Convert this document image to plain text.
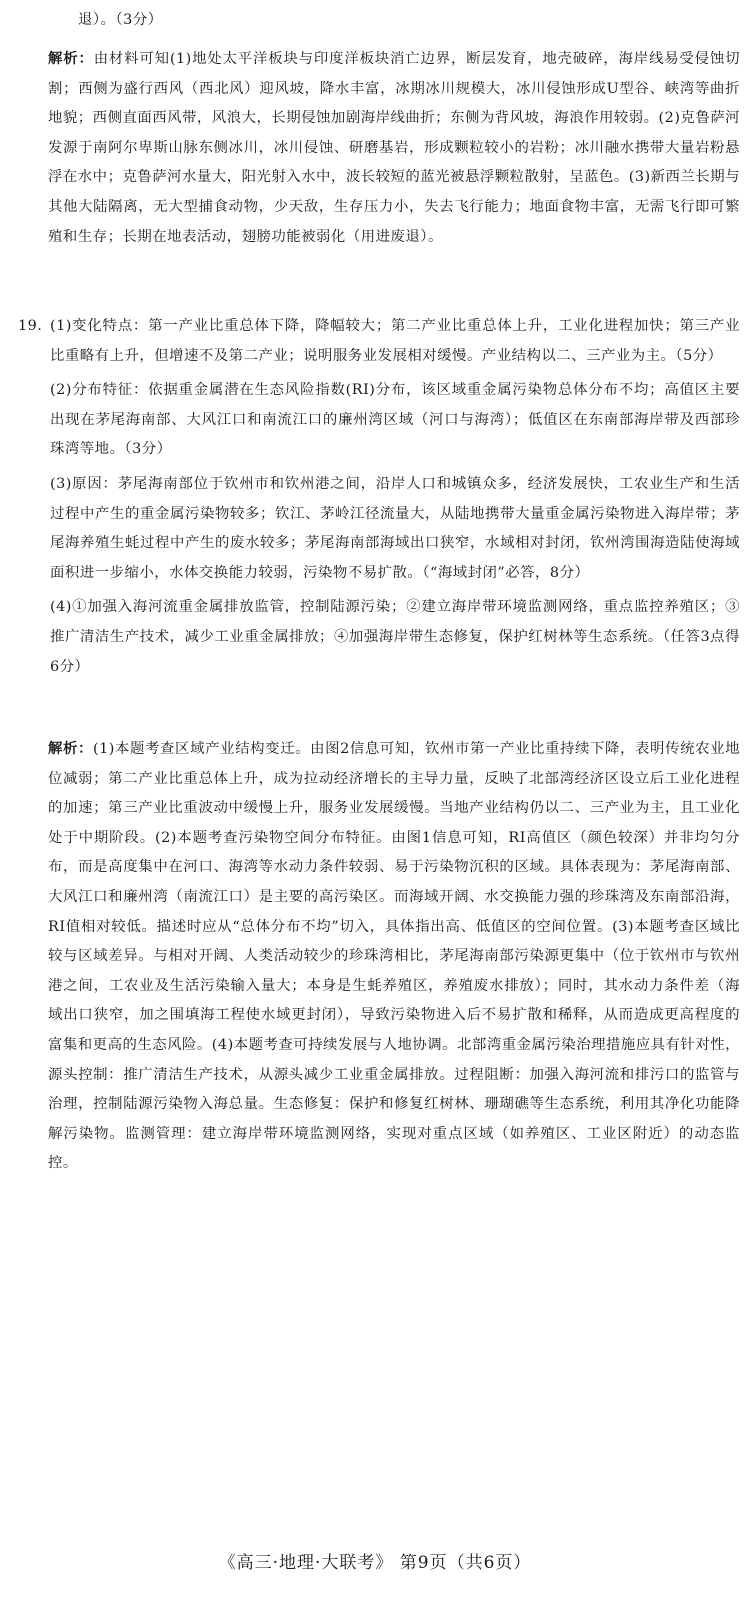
退）。（3分）
解析：由材料可知(1)地处太平洋板块与印度洋板块消亡边界，断层发育，地壳破碎，海岸线易受侵蚀切割；西侧为盛行西风（西北风）迎风坡，降水丰富，冰期冰川规模大，冰川侵蚀形成U型谷、峡湾等曲折地貌；西侧直面西风带，风浪大，长期侵蚀加剧海岸线曲折；东侧为背风坡，海浪作用较弱。(2)克鲁萨河发源于南阿尔卑斯山脉东侧冰川，冰川侵蚀、研磨基岩，形成颗粒较小的岩粉；冰川融水携带大量岩粉悬浮在水中；克鲁萨河水量大，阳光射入水中，波长较短的蓝光被悬浮颗粒散射，呈蓝色。(3)新西兰长期与其他大陆隔离，无大型捕食动物，少天敌，生存压力小，失去飞行能力；地面食物丰富，无需飞行即可繁殖和生存；长期在地表活动，翅膀功能被弱化（用进废退）。
19. (1)变化特点：第一产业比重总体下降，降幅较大；第二产业比重总体上升，工业化进程加快；第三产业比重略有上升，但增速不及第二产业；说明服务业发展相对缓慢。产业结构以二、三产业为主。（5分）
(2)分布特征：依据重金属潜在生态风险指数(RI)分布，该区域重金属污染物总体分布不均；高值区主要出现在茅尾海南部、大风江口和南流江口的廉州湾区域（河口与海湾）；低值区在东南部海岸带及西部珍珠湾等地。（3分）
(3)原因：茅尾海南部位于钦州市和钦州港之间，沿岸人口和城镇众多，经济发展快，工农业生产和生活过程中产生的重金属污染物较多；钦江、茅岭江径流量大，从陆地携带大量重金属污染物进入海岸带；茅尾海养殖生蚝过程中产生的废水较多；茅尾海南部海域出口狭窄，水域相对封闭，钦州湾围海造陆使海域面积进一步缩小，水体交换能力较弱，污染物不易扩散。（“海域封闭”必答，8分）
(4)①加强入海河流重金属排放监管，控制陆源污染；②建立海岸带环境监测网络，重点监控养殖区；③推广清洁生产技术，减少工业重金属排放；④加强海岸带生态修复，保护红树林等生态系统。（任答3点得6分）
解析：(1)本题考查区域产业结构变迁。由图2信息可知，钦州市第一产业比重持续下降，表明传统农业地位减弱；第二产业比重总体上升，成为拉动经济增长的主导力量，反映了北部湾经济区设立后工业化进程的加速；第三产业比重波动中缓慢上升，服务业发展缓慢。当地产业结构仍以二、三产业为主，且工业化处于中期阶段。(2)本题考查污染物空间分布特征。由图1信息可知，RI高值区（颜色较深）并非均匀分布，而是高度集中在河口、海湾等水动力条件较弱、易于污染物沉积的区域。具体表现为：茅尾海南部、大风江口和廉州湾（南流江口）是主要的高污染区。而海域开阔、水交换能力强的珍珠湾及东南部沿海，RI值相对较低。描述时应从“总体分布不均”切入，具体指出高、低值区的空间位置。(3)本题考查区域比较与区域差异。与相对开阔、人类活动较少的珍珠湾相比，茅尾海南部污染源更集中（位于钦州市与钦州港之间，工农业及生活污染输入量大；本身是生蚝养殖区，养殖废水排放）；同时，其水动力条件差（海域出口狭窄，加之围填海工程使水域更封闭），导致污染物进入后不易扩散和稀释，从而造成更高程度的富集和更高的生态风险。(4)本题考查可持续发展与人地协调。北部湾重金属污染治理措施应具有针对性，源头控制：推广清洁生产技术，从源头减少工业重金属排放。过程阻断：加强入海河流和排污口的监管与治理，控制陆源污染物入海总量。生态修复：保护和修复红树林、珊瑚礁等生态系统，利用其净化功能降解污染物。监测管理：建立海岸带环境监测网络，实现对重点区域（如养殖区、工业区附近）的动态监控。
《高三·地理·大联考》 第9页（共6页）
